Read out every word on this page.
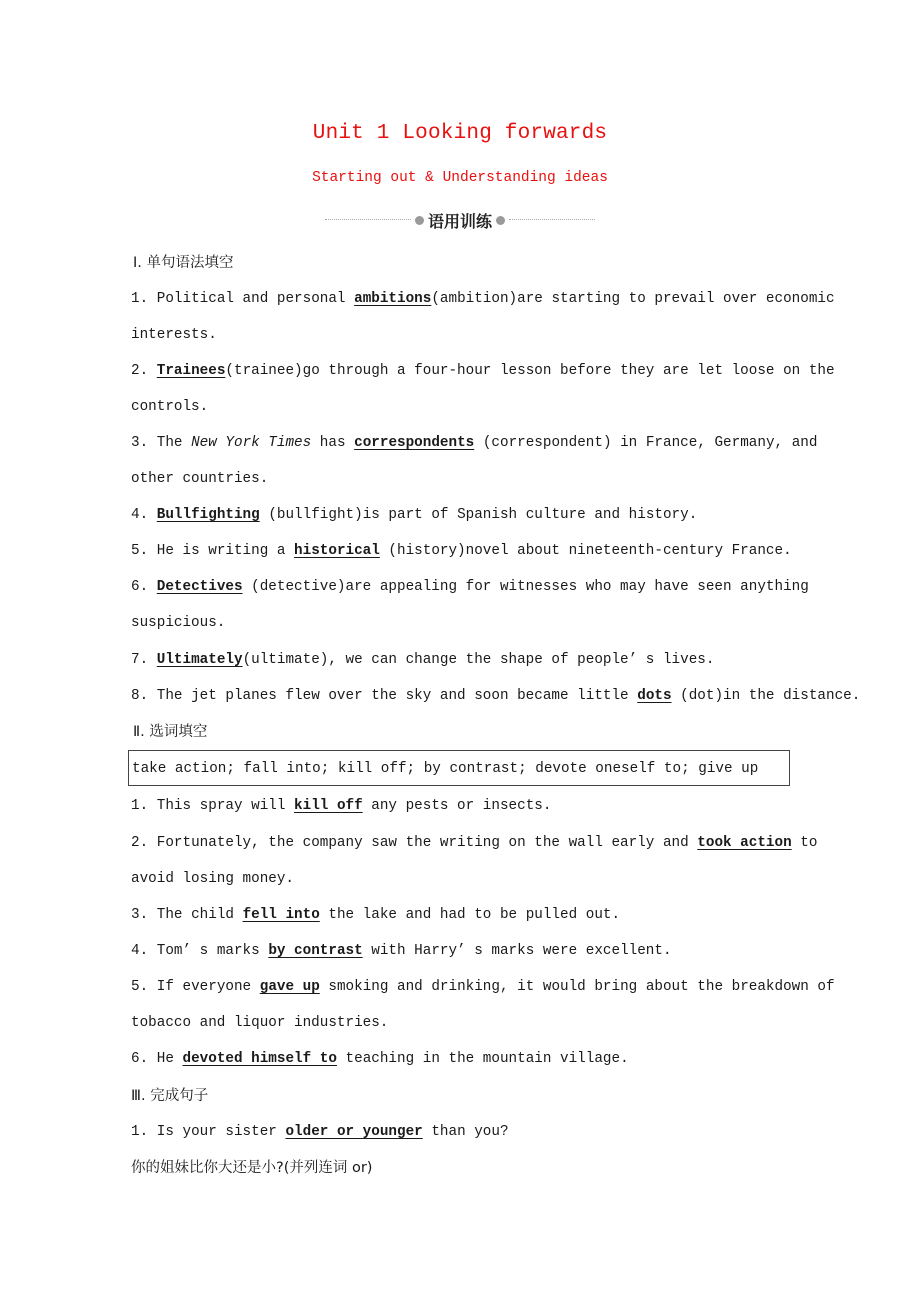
Unit 1 Looking forwards
Starting out & Understanding ideas
语用训练
Ⅰ. 单句语法填空
1. Political and personal ambitions(ambition)are starting to prevail over economic
interests.
2. Trainees(trainee)go through a four-hour lesson before they are let loose on the
controls.
3. The New York Times has correspondents (correspondent) in France, Germany, and
other countries.
4. Bullfighting (bullfight)is part of Spanish culture and history.
5. He is writing a historical (history)novel about nineteenth-century France.
6. Detectives (detective)are appealing for witnesses who may have seen anything
suspicious.
7. Ultimately(ultimate), we can change the shape of people’ s lives.
8. The jet planes flew over the sky and soon became little dots (dot)in the distance.
Ⅱ. 选词填空
take action; fall into; kill off; by contrast; devote oneself to; give up
1. This spray will kill off any pests or insects.
2. Fortunately, the company saw the writing on the wall early and took action to
avoid losing money.
3. The child fell into the lake and had to be pulled out.
4. Tom’ s marks by contrast with Harry’ s marks were excellent.
5. If everyone gave up smoking and drinking, it would bring about the breakdown of
tobacco and liquor industries.
6. He devoted himself to teaching in the mountain village.
Ⅲ. 完成句子
1. Is your sister older or younger than you?
你的姐妹比你大还是小?(并列连词 or)
